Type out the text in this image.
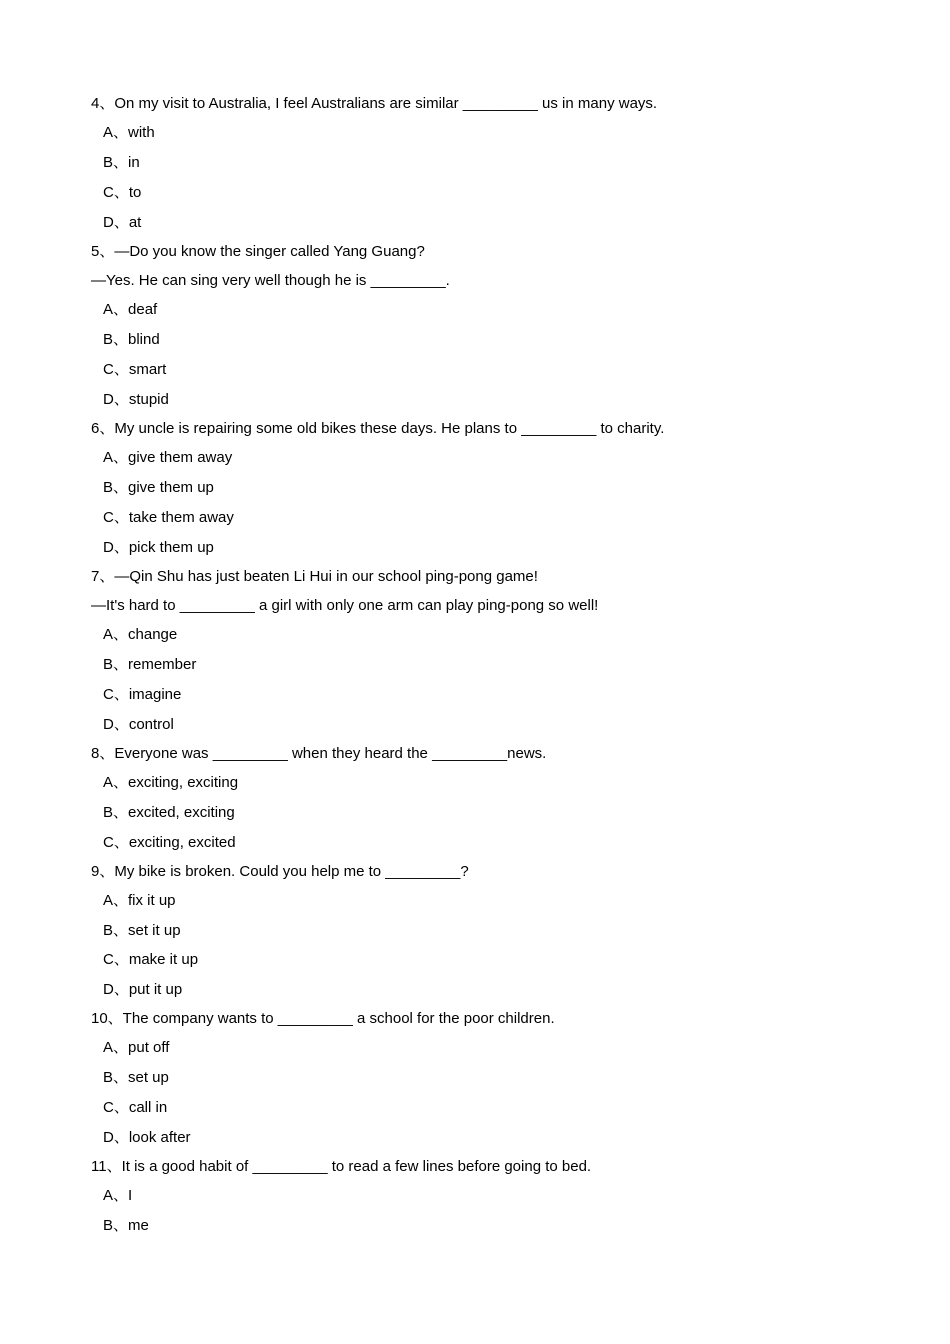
4、On my visit to Australia, I feel Australians are similar _________ us in many ways.
A、with
B、in
C、to
D、at
5、—Do you know the singer called Yang Guang?
—Yes. He can sing very well though he is _________.
A、deaf
B、blind
C、smart
D、stupid
6、My uncle is repairing some old bikes these days. He plans to _________ to charity.
A、give them away
B、give them up
C、take them away
D、pick them up
7、—Qin Shu has just beaten Li Hui in our school ping-pong game!
—It's hard to _________ a girl with only one arm can play ping-pong so well!
A、change
B、remember
C、imagine
D、control
8、Everyone was _________ when they heard the _________news.
A、exciting, exciting
B、excited, exciting
C、exciting, excited
9、My bike is broken. Could you help me to _________?
A、fix it up
B、set it up
C、make it up
D、put it up
10、The company wants to _________ a school for the poor children.
A、put off
B、set up
C、call in
D、look after
11、It is a good habit of _________ to read a few lines before going to bed.
A、I
B、me
